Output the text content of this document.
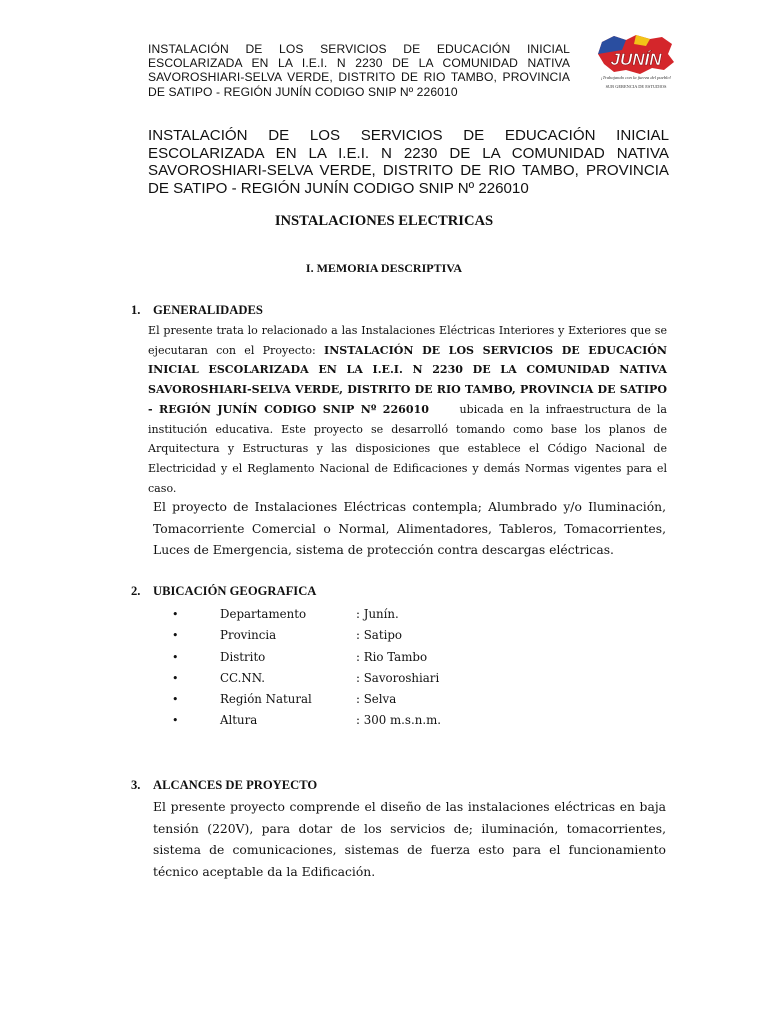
INSTALACIÓN DE LOS SERVICIOS DE EDUCACIÓN INICIAL ESCOLARIZADA EN LA I.E.I. N 2230 DE LA COMUNIDAD NATIVA SAVOROSHIARI-SELVA VERDE, DISTRITO DE RIO TAMBO, PROVINCIA DE SATIPO - REGIÓN JUNÍN CODIGO SNIP Nº 226010
JUNÍN
¡Trabajando con la fuerza del pueblo!
SUB GERENCIA DE ESTUDIOS
INSTALACIÓN DE LOS SERVICIOS DE EDUCACIÓN INICIAL ESCOLARIZADA EN LA I.E.I. N 2230 DE LA COMUNIDAD NATIVA SAVOROSHIARI-SELVA VERDE, DISTRITO DE RIO TAMBO, PROVINCIA DE SATIPO - REGIÓN JUNÍN CODIGO SNIP Nº 226010
INSTALACIONES ELECTRICAS
I. MEMORIA DESCRIPTIVA
1. GENERALIDADES
El presente trata lo relacionado a las Instalaciones Eléctricas Interiores y Exteriores que se ejecutaran con el Proyecto: INSTALACIÓN DE LOS SERVICIOS DE EDUCACIÓN INICIAL ESCOLARIZADA EN LA I.E.I. N 2230 DE LA COMUNIDAD NATIVA SAVOROSHIARI-SELVA VERDE, DISTRITO DE RIO TAMBO, PROVINCIA DE SATIPO - REGIÓN JUNÍN CODIGO SNIP Nº 226010	ubicada en la infraestructura de la institución educativa. Este proyecto se desarrolló tomando como base los planos de Arquitectura y Estructuras y las disposiciones que establece el Código Nacional de Electricidad y el Reglamento Nacional de Edificaciones y demás Normas vigentes para el caso.
El proyecto de Instalaciones Eléctricas contempla; Alumbrado y/o Iluminación, Tomacorriente Comercial o Normal, Alimentadores, Tableros, Tomacorrientes, Luces de Emergencia, sistema de protección contra descargas eléctricas.
2. UBICACIÓN GEOGRAFICA
•	Departamento	: Junín.
•	Provincia	: Satipo
•	Distrito	: Rio Tambo
•	CC.NN.	: Savoroshiari
•	Región Natural	: Selva
•	Altura	: 300 m.s.n.m.
3. ALCANCES DE PROYECTO
El presente proyecto comprende el diseño de las instalaciones eléctricas en baja tensión (220V), para dotar de los servicios de; iluminación, tomacorrientes, sistema de comunicaciones, sistemas de fuerza esto para el funcionamiento técnico aceptable da la Edificación.
